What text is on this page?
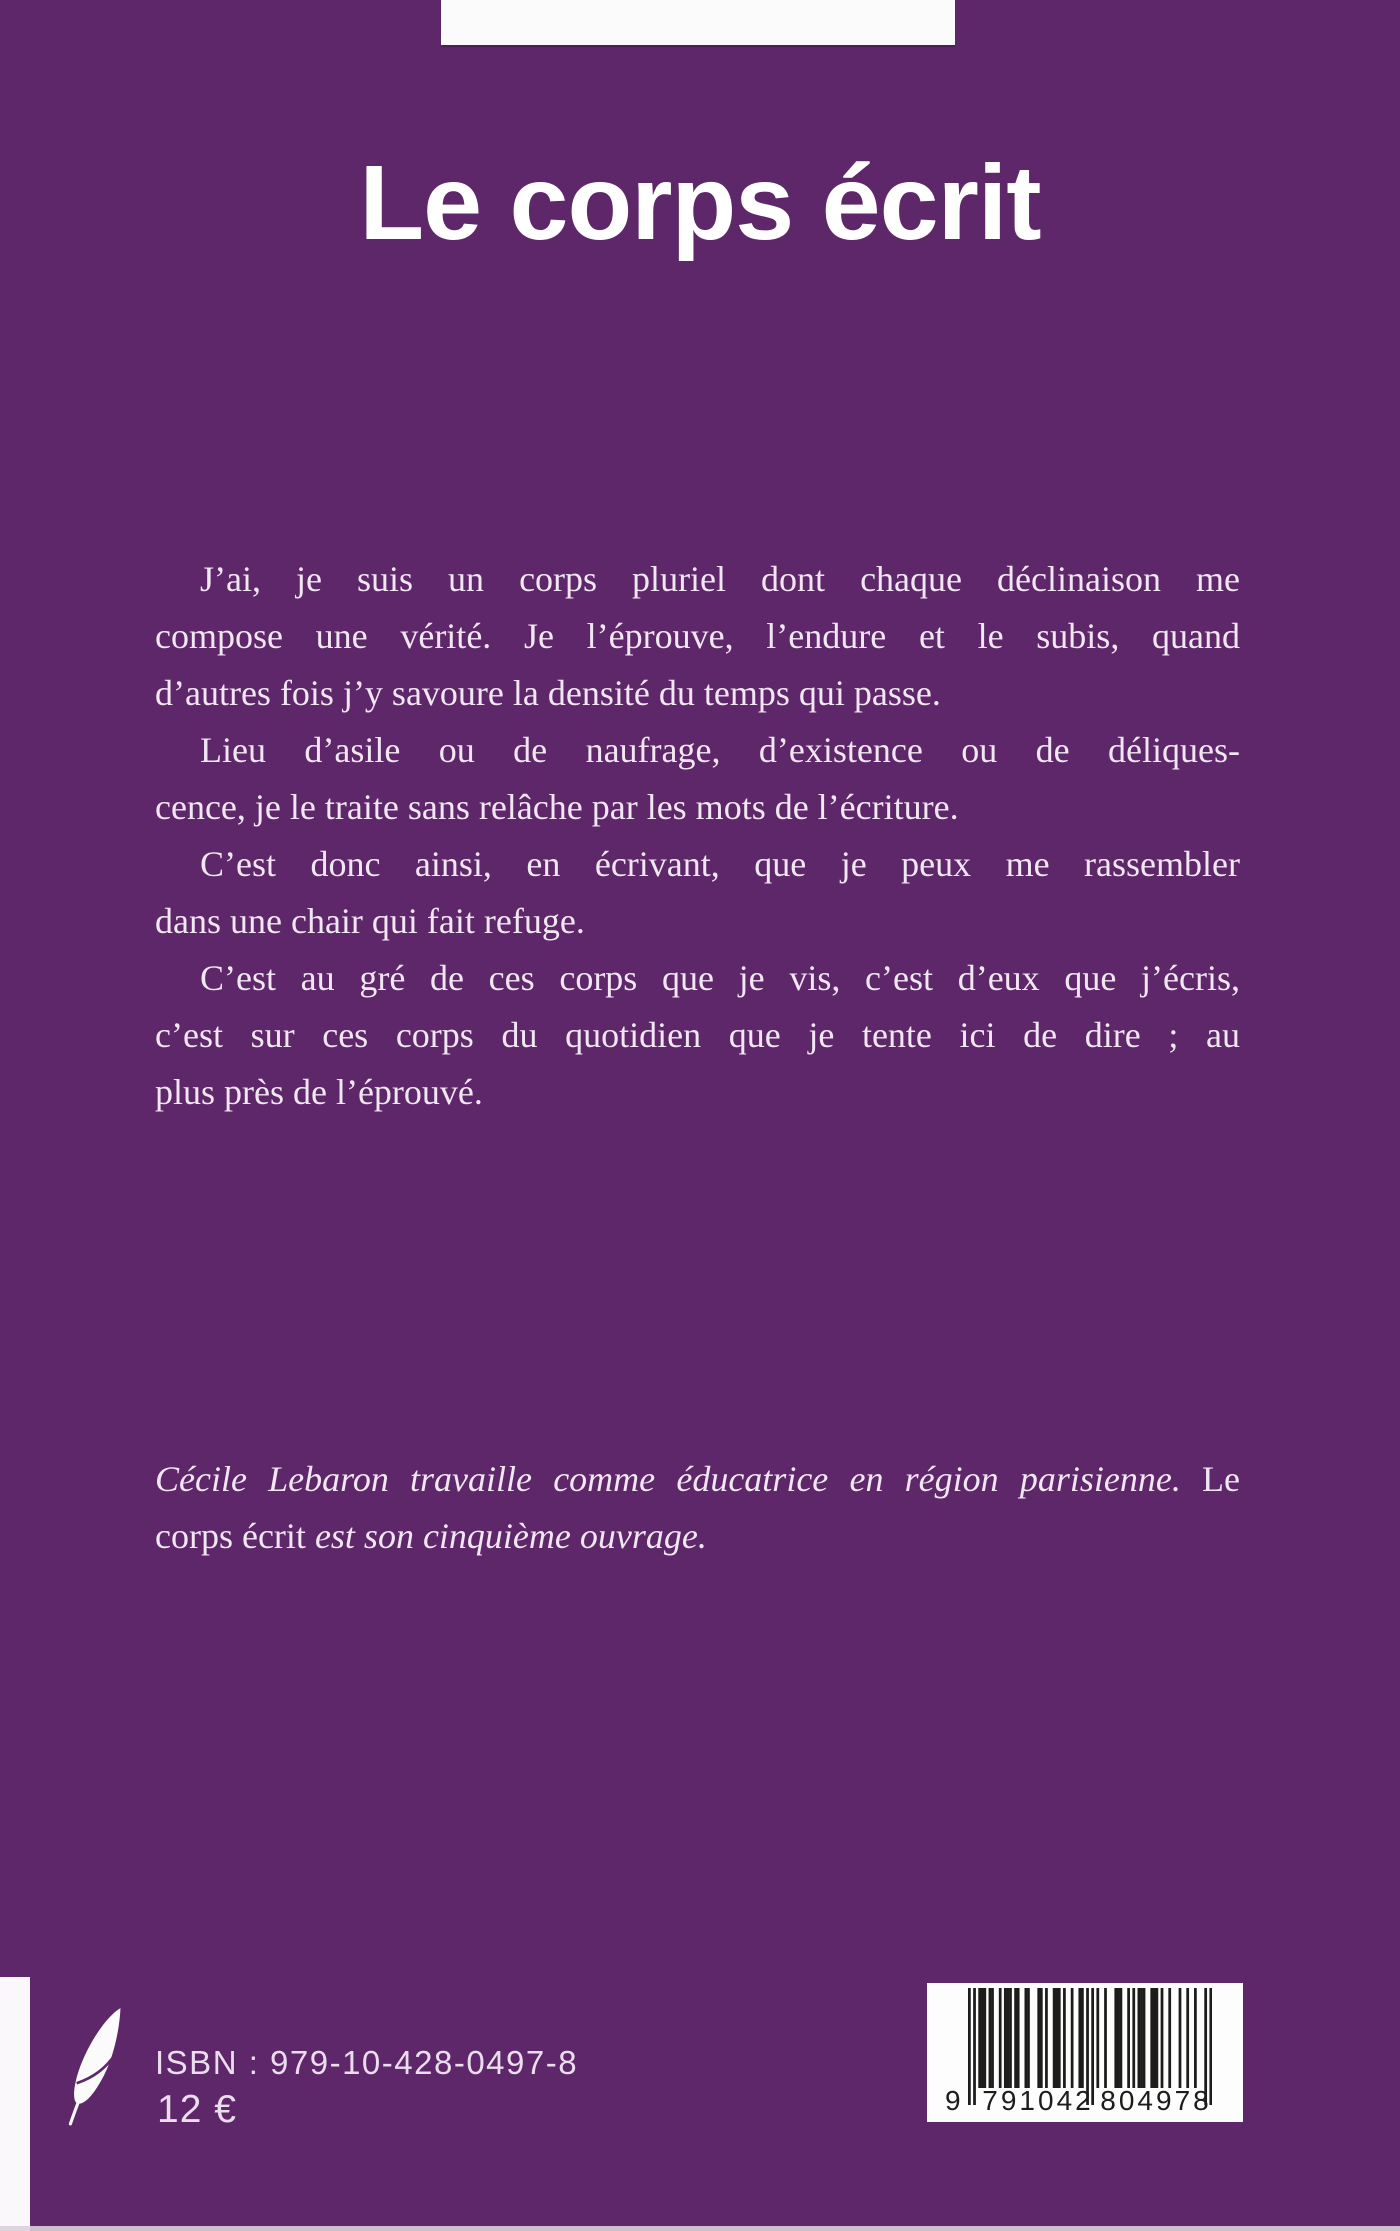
Le corps écrit
J’ai, je suis un corps pluriel dont chaque déclinaison me
compose une vérité. Je l’éprouve, l’endure et le subis, quand
d’autres fois j’y savoure la densité du temps qui passe.
Lieu d’asile ou de naufrage, d’existence ou de déliques-
cence, je le traite sans relâche par les mots de l’écriture.
C’est donc ainsi, en écrivant, que je peux me rassembler
dans une chair qui fait refuge.
C’est au gré de ces corps que je vis, c’est d’eux que j’écris,
c’est sur ces corps du quotidien que je tente ici de dire ; au
plus près de l’éprouvé.
Cécile Lebaron travaille comme éducatrice en région parisienne. Le
corps écrit est son cinquième ouvrage.
ISBN : 979-10-428-0497-8
12 €	9 791042 804978
